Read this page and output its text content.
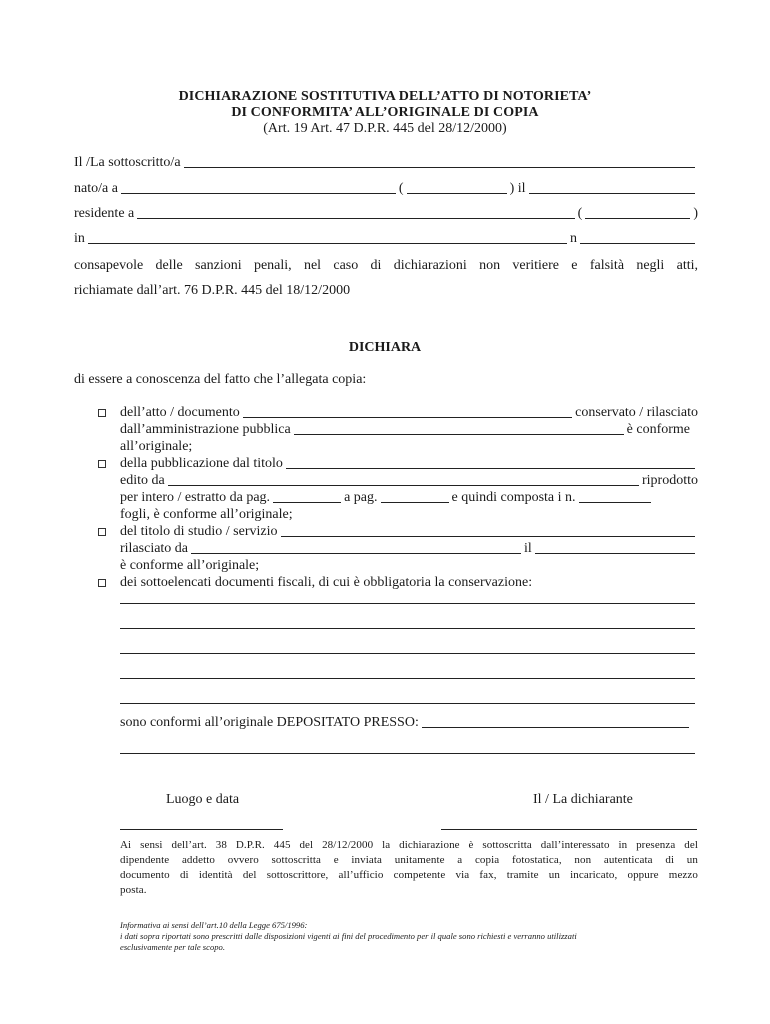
DICHIARAZIONE SOSTITUTIVA DELL’ATTO DI NOTORIETA’
DI CONFORMITA’ ALL’ORIGINALE DI COPIA
(Art. 19 Art. 47 D.P.R. 445 del 28/12/2000)
Il /La sottoscritto/a
nato/a a	(	) il
residente a	(	)
in	n
consapevole delle sanzioni penali, nel caso di dichiarazioni non veritiere e falsità negli atti,
richiamate dall’art. 76 D.P.R. 445 del 18/12/2000
DICHIARA
di essere a conoscenza del fatto che l’allegata copia:
dell’atto / documento	conservato / rilasciato
dall’amministrazione pubblica	è conforme
all’originale;
della pubblicazione dal titolo
edito da	riprodotto
per intero / estratto da pag.	a pag.	e quindi composta i n.
fogli, è conforme all’originale;
del titolo di studio / servizio
rilasciato da	il
è conforme all’originale;
dei sottoelencati documenti fiscali, di cui è obbligatoria la conservazione:
sono conformi all’originale DEPOSITATO PRESSO:
Luogo e data	Il / La dichiarante
Ai sensi dell’art. 38 D.P.R. 445 del 28/12/2000 la dichiarazione è sottoscritta dall’interessato in presenza del
dipendente addetto ovvero sottoscritta e inviata unitamente a copia fotostatica, non autenticata di un
documento di identità del sottoscrittore, all’ufficio competente via fax, tramite un incaricato, oppure mezzo
posta.
Informativa ai sensi dell’art.10 della Legge 675/1996:
i dati sopra riportati sono prescritti dalle disposizioni vigenti ai fini del procedimento per il quale sono richiesti e verranno utilizzati
esclusivamente per tale scopo.
